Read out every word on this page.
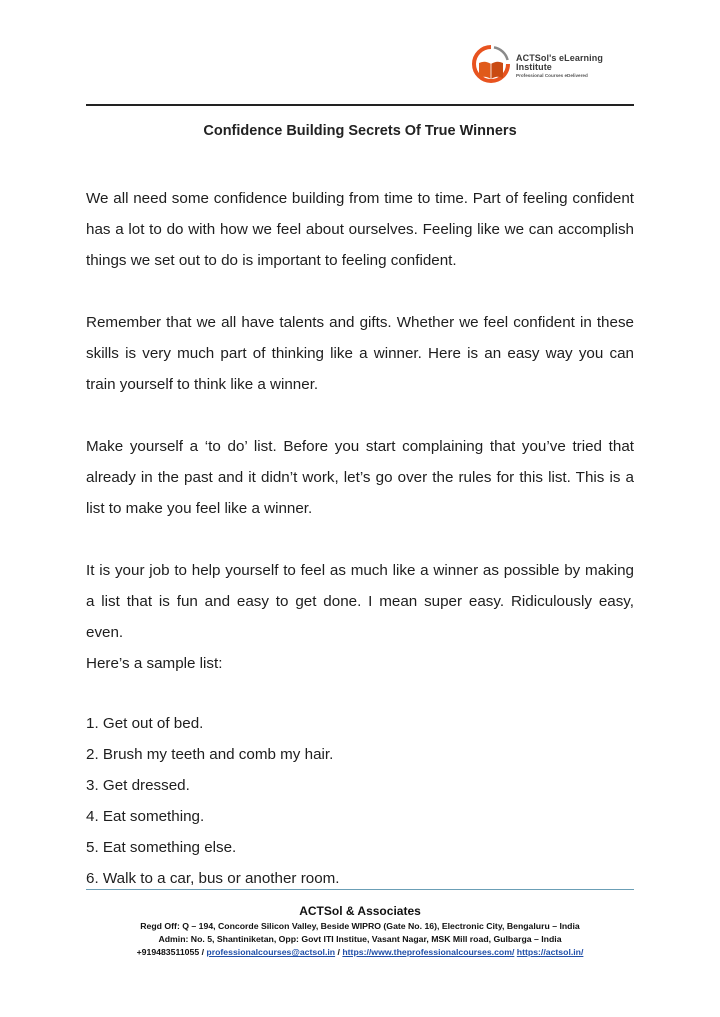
ACTSol's eLearning Institute
Professional Courses eDelivered
Confidence Building Secrets Of True Winners

We all need some confidence building from time to time. Part of feeling confident has a lot to do with how we feel about ourselves. Feeling like we can accomplish things we set out to do is important to feeling confident.

Remember that we all have talents and gifts. Whether we feel confident in these skills is very much part of thinking like a winner. Here is an easy way you can train yourself to think like a winner.

Make yourself a ‘to do’ list. Before you start complaining that you’ve tried that already in the past and it didn’t work, let’s go over the rules for this list. This is a list to make you feel like a winner.

It is your job to help yourself to feel as much like a winner as possible by making a list that is fun and easy to get done. I mean super easy. Ridiculously easy, even.

Here’s a sample list:

1. Get out of bed.
2. Brush my teeth and comb my hair.
3. Get dressed.
4. Eat something.
5. Eat something else.
6. Walk to a car, bus or another room.
ACTSol & Associates
Regd Off: Q – 194, Concorde Silicon Valley, Beside WIPRO (Gate No. 16), Electronic City, Bengaluru – India
Admin: No. 5, Shantiniketan, Opp: Govt ITI Institue, Vasant Nagar, MSK Mill road, Gulbarga – India
+919483511055 / professionalcourses@actsol.in / https://www.theprofessionalcourses.com/ https://actsol.in/
